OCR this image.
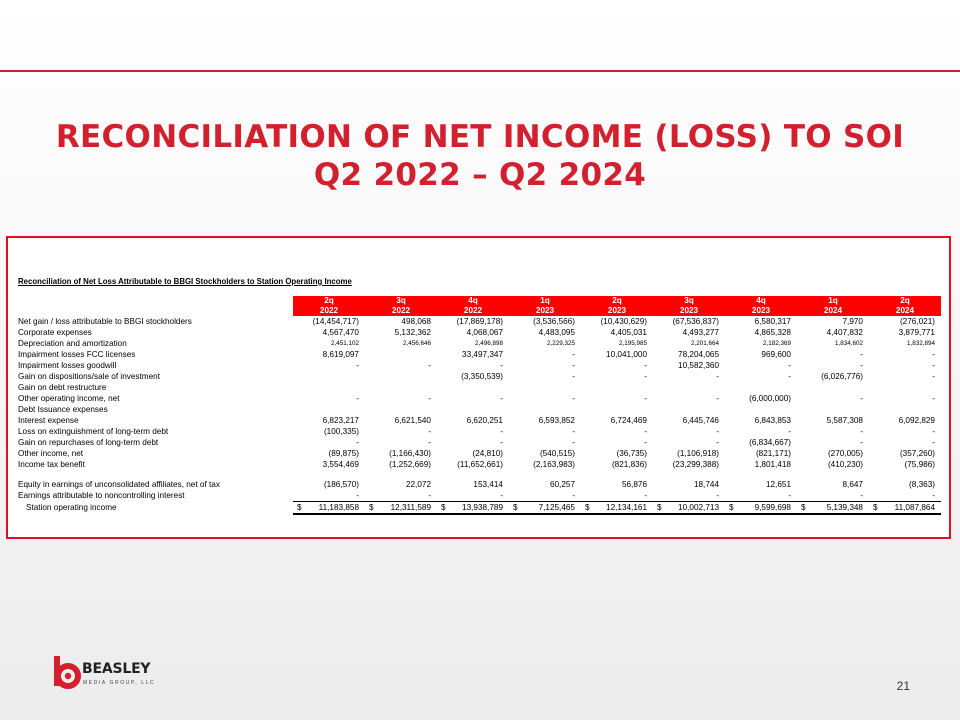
RECONCILIATION OF NET INCOME (LOSS) TO SOI
Q2 2022 – Q2 2024
Reconciliation of Net Loss Attributable to BBGI Stockholders to Station Operating Income
	2q	3q	4q	1q	2q	3q	4q	1q	2q
	2022	2022	2022	2023	2023	2023	2023	2024	2024
Net gain / loss attributable to BBGI stockholders	(14,454,717)	498,068	(17,869,178)	(3,536,566)	(10,430,629)	(67,536,837)	6,580,317	7,970	(276,021)
Corporate expenses	4,567,470	5,132,362	4,068,067	4,483,095	4,405,031	4,493,277	4,865,328	4,407,832	3,879,771
Depreciation and amortization	2,451,102	2,456,646	2,496,898	2,229,325	2,195,985	2,201,664	2,182,369	1,834,602	1,832,894
Impairment losses FCC licenses	8,619,097		33,497,347	-	10,041,000	78,204,065	969,600	-	-
Impairment losses goodwill	-	-	-	-	-	10,582,360	-	-	-
Gain on dispositions/sale of investment			(3,350,539)	-	-	-	-	(6,026,776)	-
Gain on debt restructure									
Other operating income, net	-	-	-	-	-	-	(6,000,000)	-	-
Debt Issuance expenses									
Interest expense	6,823,217	6,621,540	6,620,251	6,593,852	6,724,469	6,445,746	6,843,853	5,587,308	6,092,829
Loss on extinguishment of long-term debt	(100,335)	-	-	-	-	-	-	-	-
Gain on repurchases of long-term debt	-	-	-	-	-	-	(6,834,667)	-	-
Other income, net	(89,875)	(1,166,430)	(24,810)	(540,515)	(36,735)	(1,106,918)	(821,171)	(270,005)	(357,260)
Income tax benefit	3,554,469	(1,252,669)	(11,652,661)	(2,163,983)	(821,836)	(23,299,388)	1,801,418	(410,230)	(75,986)

Equity in earnings of unconsolidated affiliates, net of tax	(186,570)	22,072	153,414	60,257	56,876	18,744	12,651	8,647	(8,363)
Earnings attributable to noncontrolling interest	-	-	-	-	-	-	-	-	-
Station operating income	$ 11,183,858	$ 12,311,589	$ 13,938,789	$ 7,125,465	$ 12,134,161	$ 10,002,713	$ 9,599,698	$ 5,139,348	$ 11,087,864
BEASLEY
MEDIA GROUP, LLC	21
